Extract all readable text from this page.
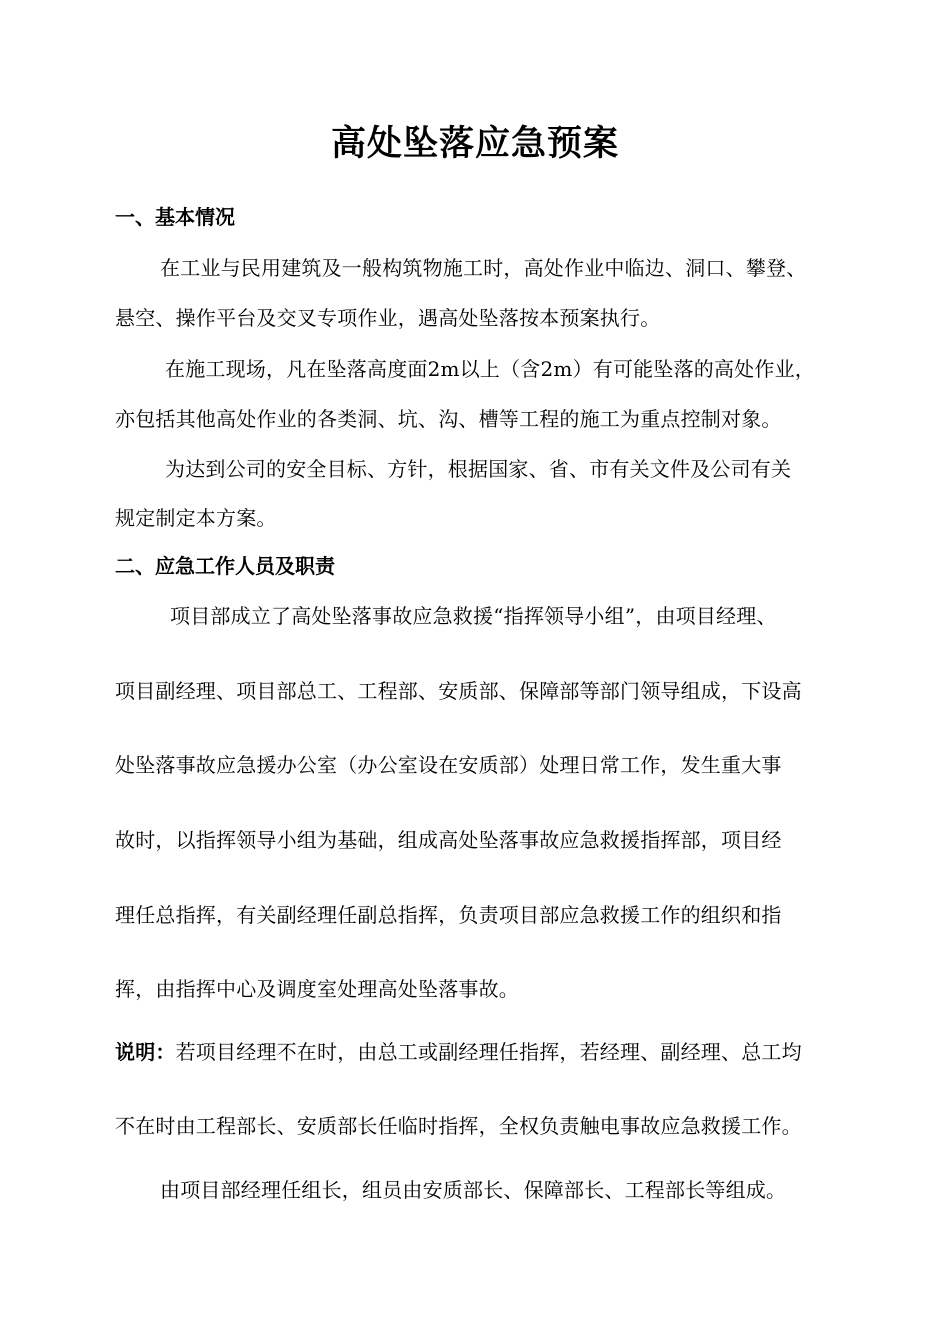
高处坠落应急预案
一、基本情况
在工业与民用建筑及一般构筑物施工时，高处作业中临边、洞口、攀登、
悬空、操作平台及交叉专项作业，遇高处坠落按本预案执行。
在施工现场，凡在坠落高度面2m以上（含2m）有可能坠落的高处作业，
亦包括其他高处作业的各类洞、坑、沟、槽等工程的施工为重点控制对象。
为达到公司的安全目标、方针，根据国家、省、市有关文件及公司有关
规定制定本方案。
二、应急工作人员及职责
项目部成立了高处坠落事故应急救援“指挥领导小组”，由项目经理、
项目副经理、项目部总工、工程部、安质部、保障部等部门领导组成，下设高
处坠落事故应急援办公室（办公室设在安质部）处理日常工作，发生重大事
故时，以指挥领导小组为基础，组成高处坠落事故应急救援指挥部，项目经
理任总指挥，有关副经理任副总指挥，负责项目部应急救援工作的组织和指
挥，由指挥中心及调度室处理高处坠落事故。
说明：若项目经理不在时，由总工或副经理任指挥，若经理、副经理、总工均
不在时由工程部长、安质部长任临时指挥，全权负责触电事故应急救援工作。
由项目部经理任组长，组员由安质部长、保障部长、工程部长等组成。
